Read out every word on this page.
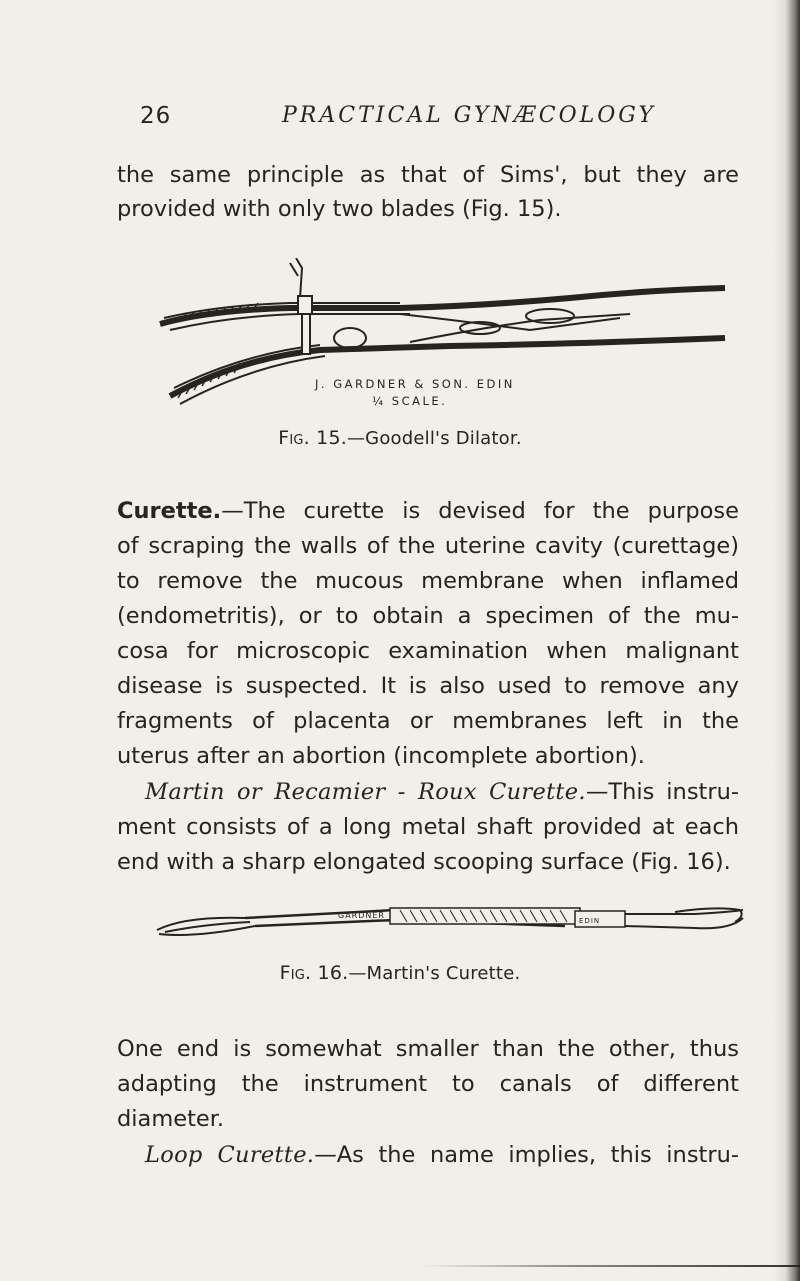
26	PRACTICAL GYNÆCOLOGY
the same principle as that of Sims', but they are
provided with only two blades (Fig. 15).
J. GARDNER & SON. EDIN
¼ SCALE.
Fig. 15.—Goodell's Dilator.
Curette.—The curette is devised for the purpose
of scraping the walls of the uterine cavity (curettage)
to remove the mucous membrane when inflamed
(endometritis), or to obtain a specimen of the mu-
cosa for microscopic examination when malignant
disease is suspected. It is also used to remove any
fragments of placenta or membranes left in the
uterus after an abortion (incomplete abortion).
Martin or Recamier - Roux Curette.—This instru-
ment consists of a long metal shaft provided at each
end with a sharp elongated scooping surface (Fig. 16).
GARDNER
EDIN
Fig. 16.—Martin's Curette.
One end is somewhat smaller than the other, thus
adapting the instrument to canals of different
diameter.
Loop Curette.—As the name implies, this instru-
